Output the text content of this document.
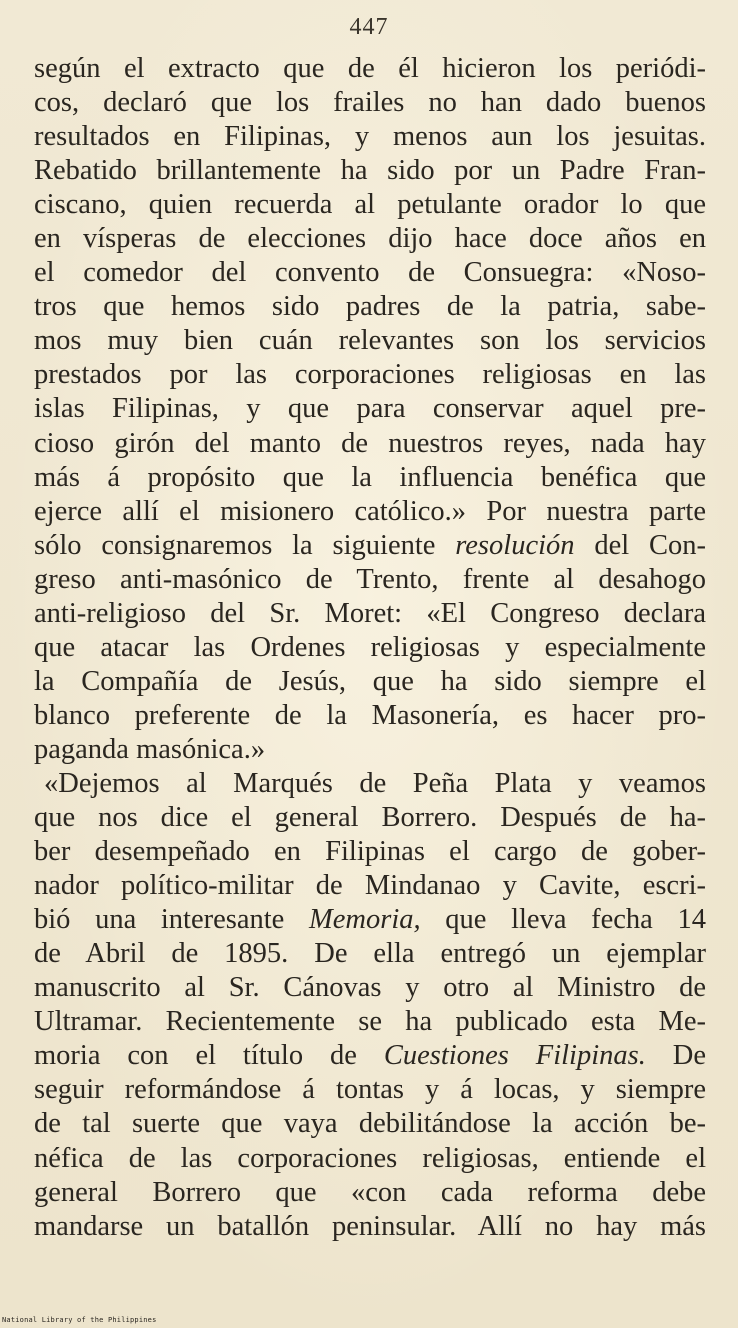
447
según el extracto que de él hicieron los periódi-
cos, declaró que los frailes no han dado buenos
resultados en Filipinas, y menos aun los jesuitas.
Rebatido brillantemente ha sido por un Padre Fran-
ciscano, quien recuerda al petulante orador lo que
en vísperas de elecciones dijo hace doce años en
el comedor del convento de Consuegra: «Noso-
tros que hemos sido padres de la patria, sabe-
mos muy bien cuán relevantes son los servicios
prestados por las corporaciones religiosas en las
islas Filipinas, y que para conservar aquel pre-
cioso girón del manto de nuestros reyes, nada hay
más á propósito que la influencia benéfica que
ejerce allí el misionero católico.» Por nuestra parte
sólo consignaremos la siguiente resolución del Con-
greso anti-masónico de Trento, frente al desahogo
anti-religioso del Sr. Moret: «El Congreso declara
que atacar las Ordenes religiosas y especialmente
la Compañía de Jesús, que ha sido siempre el
blanco preferente de la Masonería, es hacer pro-
paganda masónica.»
«Dejemos al Marqués de Peña Plata y veamos
que nos dice el general Borrero. Después de ha-
ber desempeñado en Filipinas el cargo de gober-
nador político-militar de Mindanao y Cavite, escri-
bió una interesante Memoria, que lleva fecha 14
de Abril de 1895. De ella entregó un ejemplar
manuscrito al Sr. Cánovas y otro al Ministro de
Ultramar. Recientemente se ha publicado esta Me-
moria con el título de Cuestiones Filipinas. De
seguir reformándose á tontas y á locas, y siempre
de tal suerte que vaya debilitándose la acción be-
néfica de las corporaciones religiosas, entiende el
general Borrero que «con cada reforma debe
mandarse un batallón peninsular. Allí no hay más
National Library of the Philippines
